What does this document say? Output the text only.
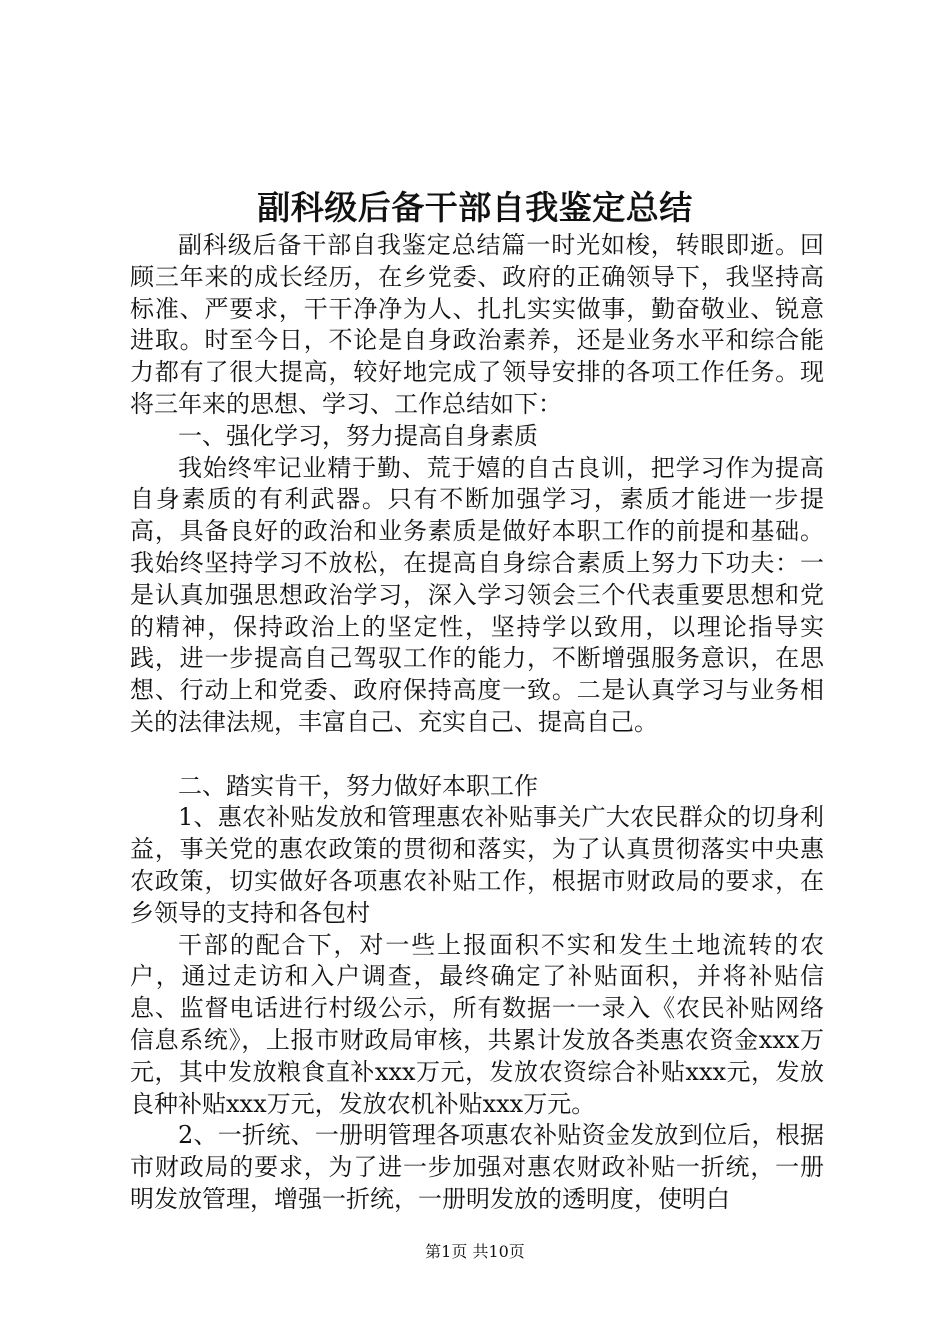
副科级后备干部自我鉴定总结

副科级后备干部自我鉴定总结篇一时光如梭，转眼即逝。回顾三年来的成长经历，在乡党委、政府的正确领导下，我坚持高标准、严要求，干干净净为人、扎扎实实做事，勤奋敬业、锐意进取。时至今日，不论是自身政治素养，还是业务水平和综合能力都有了很大提高，较好地完成了领导安排的各项工作任务。现将三年来的思想、学习、工作总结如下：

一、强化学习，努力提高自身素质

我始终牢记业精于勤、荒于嬉的自古良训，把学习作为提高自身素质的有利武器。只有不断加强学习，素质才能进一步提高，具备良好的政治和业务素质是做好本职工作的前提和基础。我始终坚持学习不放松，在提高自身综合素质上努力下功夫：一是认真加强思想政治学习，深入学习领会三个代表重要思想和党的精神，保持政治上的坚定性，坚持学以致用，以理论指导实践，进一步提高自己驾驭工作的能力，不断增强服务意识，在思想、行动上和党委、政府保持高度一致。二是认真学习与业务相关的法律法规，丰富自己、充实自己、提高自己。

二、踏实肯干，努力做好本职工作

1、惠农补贴发放和管理惠农补贴事关广大农民群众的切身利益，事关党的惠农政策的贯彻和落实，为了认真贯彻落实中央惠农政策，切实做好各项惠农补贴工作，根据市财政局的要求，在乡领导的支持和各包村

干部的配合下，对一些上报面积不实和发生土地流转的农户，通过走访和入户调查，最终确定了补贴面积，并将补贴信息、监督电话进行村级公示，所有数据一一录入《农民补贴网络信息系统》，上报市财政局审核，共累计发放各类惠农资金xxx万元，其中发放粮食直补xxx万元，发放农资综合补贴xxx元，发放良种补贴xxx万元，发放农机补贴xxx万元。

2、一折统、一册明管理各项惠农补贴资金发放到位后，根据市财政局的要求，为了进一步加强对惠农财政补贴一折统，一册明发放管理，增强一折统，一册明发放的透明度，使明白

第1页 共10页
